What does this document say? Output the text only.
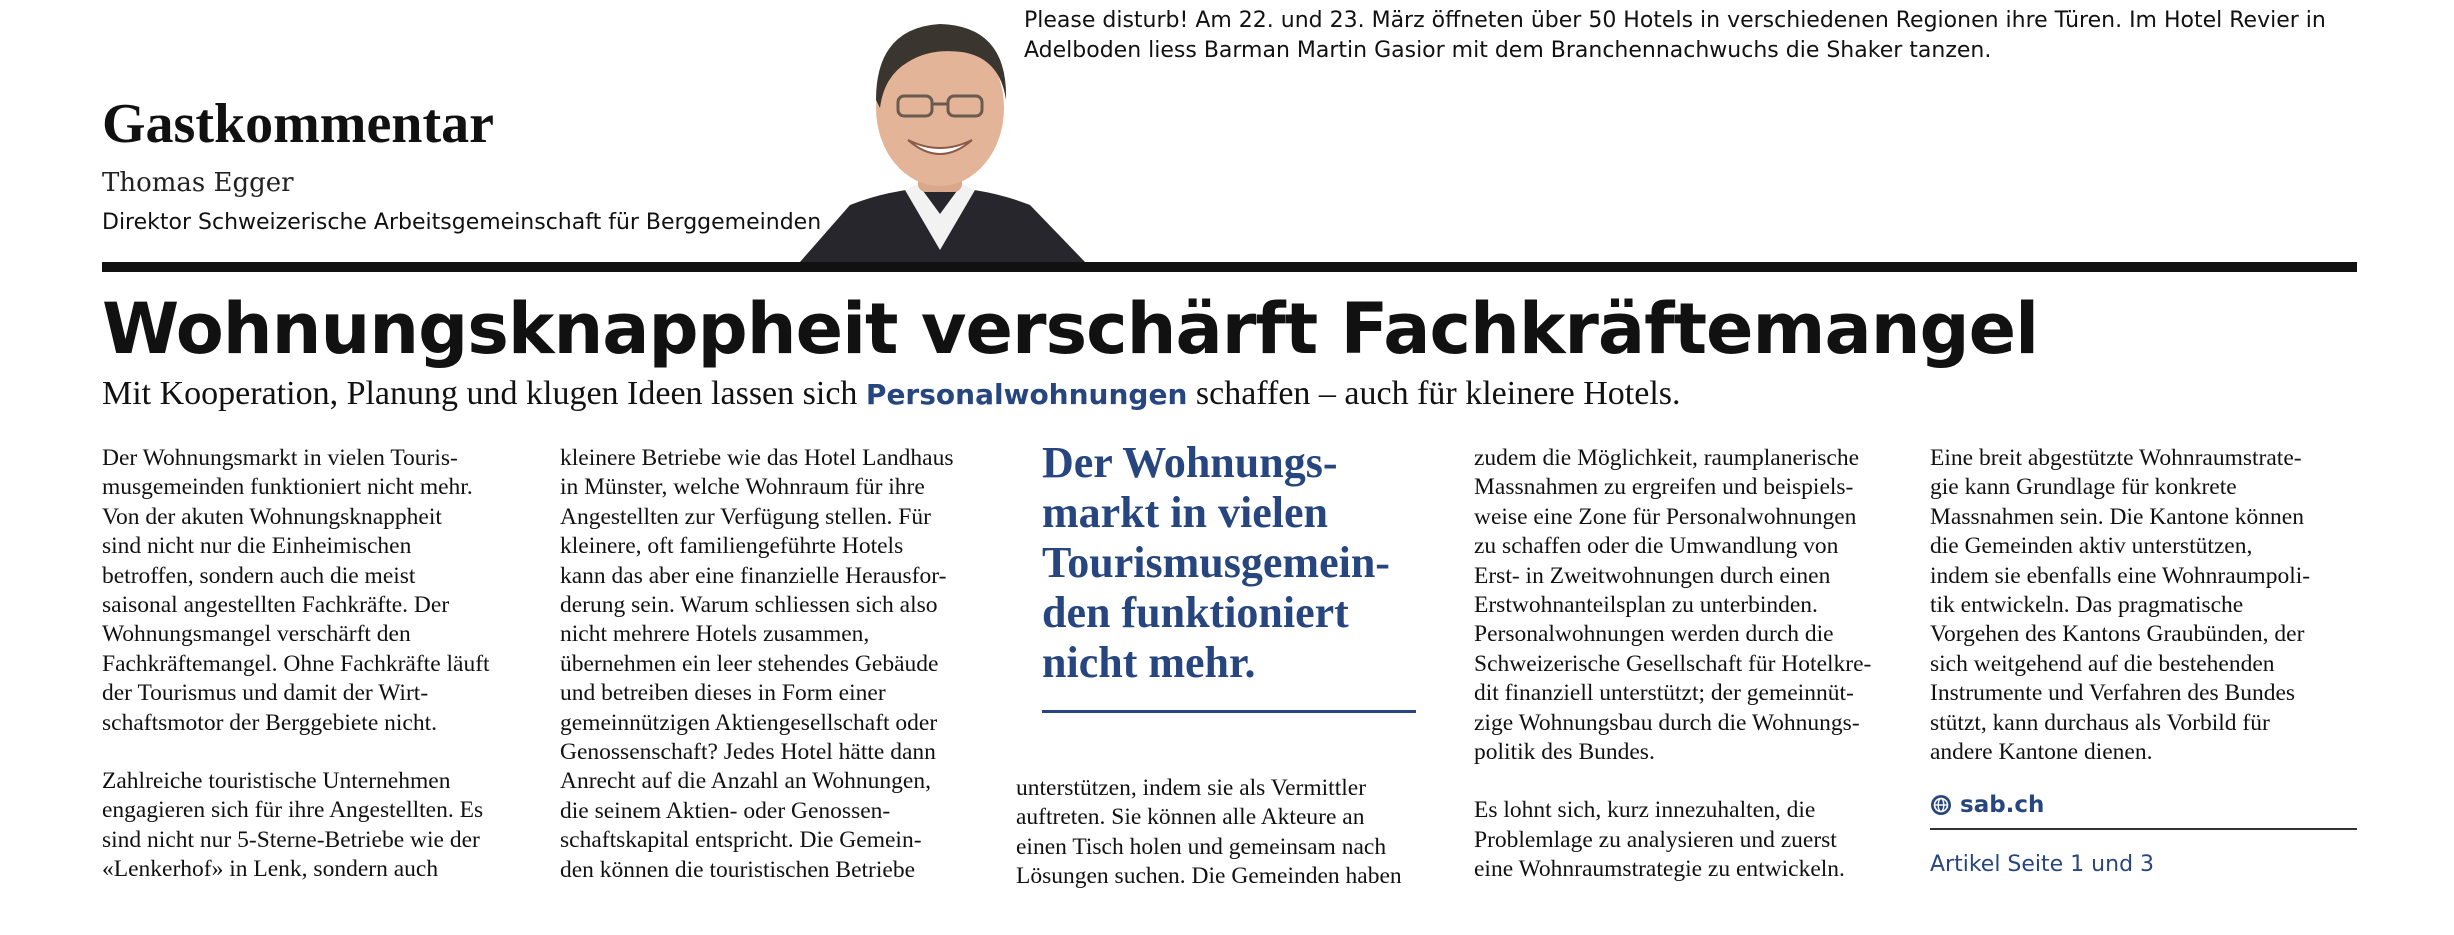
Please disturb! Am 22. und 23. März öffneten über 50 Hotels in verschiedenen Regionen ihre Türen. Im Hotel Revier in
Adelboden liess Barman Martin Gasior mit dem Branchennachwuchs die Shaker tanzen.
Gastkommentar
Thomas Egger
Direktor Schweizerische Arbeitsgemeinschaft für Berggemeinden
Wohnungsknappheit verschärft Fachkräftemangel
Mit Kooperation, Planung und klugen Ideen lassen sich Personalwohnungen schaffen – auch für kleinere Hotels.

Der Wohnungsmarkt in vielen Touris-
musgemeinden funktioniert nicht mehr.
Von der akuten Wohnungsknappheit
sind nicht nur die Einheimischen
betroffen, sondern auch die meist
saisonal angestellten Fachkräfte. Der
Wohnungsmangel verschärft den
Fachkräftemangel. Ohne Fachkräfte läuft
der Tourismus und damit der Wirt-
schaftsmotor der Berggebiete nicht.

Zahlreiche touristische Unternehmen
engagieren sich für ihre Angestellten. Es
sind nicht nur 5-Sterne-Betriebe wie der
«Lenkerhof» in Lenk, sondern auch

kleinere Betriebe wie das Hotel Landhaus
in Münster, welche Wohnraum für ihre
Angestellten zur Verfügung stellen. Für
kleinere, oft familiengeführte Hotels
kann das aber eine finanzielle Herausfor-
derung sein. Warum schliessen sich also
nicht mehrere Hotels zusammen,
übernehmen ein leer stehendes Gebäude
und betreiben dieses in Form einer
gemeinnützigen Aktiengesellschaft oder
Genossenschaft? Jedes Hotel hätte dann
Anrecht auf die Anzahl an Wohnungen,
die seinem Aktien- oder Genossen-
schaftskapital entspricht. Die Gemein-
den können die touristischen Betriebe

Der Wohnungs-
markt in vielen
Tourismusgemein-
den funktioniert
nicht mehr.

unterstützen, indem sie als Vermittler
auftreten. Sie können alle Akteure an
einen Tisch holen und gemeinsam nach
Lösungen suchen. Die Gemeinden haben

zudem die Möglichkeit, raumplanerische
Massnahmen zu ergreifen und beispiels-
weise eine Zone für Personalwohnungen
zu schaffen oder die Umwandlung von
Erst- in Zweitwohnungen durch einen
Erstwohnanteilsplan zu unterbinden.
Personalwohnungen werden durch die
Schweizerische Gesellschaft für Hotelkre-
dit finanziell unterstützt; der gemeinnüt-
zige Wohnungsbau durch die Wohnungs-
politik des Bundes.

Es lohnt sich, kurz innezuhalten, die
Problemlage zu analysieren und zuerst
eine Wohnraumstrategie zu entwickeln.

Eine breit abgestützte Wohnraumstrate-
gie kann Grundlage für konkrete
Massnahmen sein. Die Kantone können
die Gemeinden aktiv unterstützen,
indem sie ebenfalls eine Wohnraumpoli-
tik entwickeln. Das pragmatische
Vorgehen des Kantons Graubünden, der
sich weitgehend auf die bestehenden
Instrumente und Verfahren des Bundes
stützt, kann durchaus als Vorbild für
andere Kantone dienen.

sab.ch
Artikel Seite 1 und 3
